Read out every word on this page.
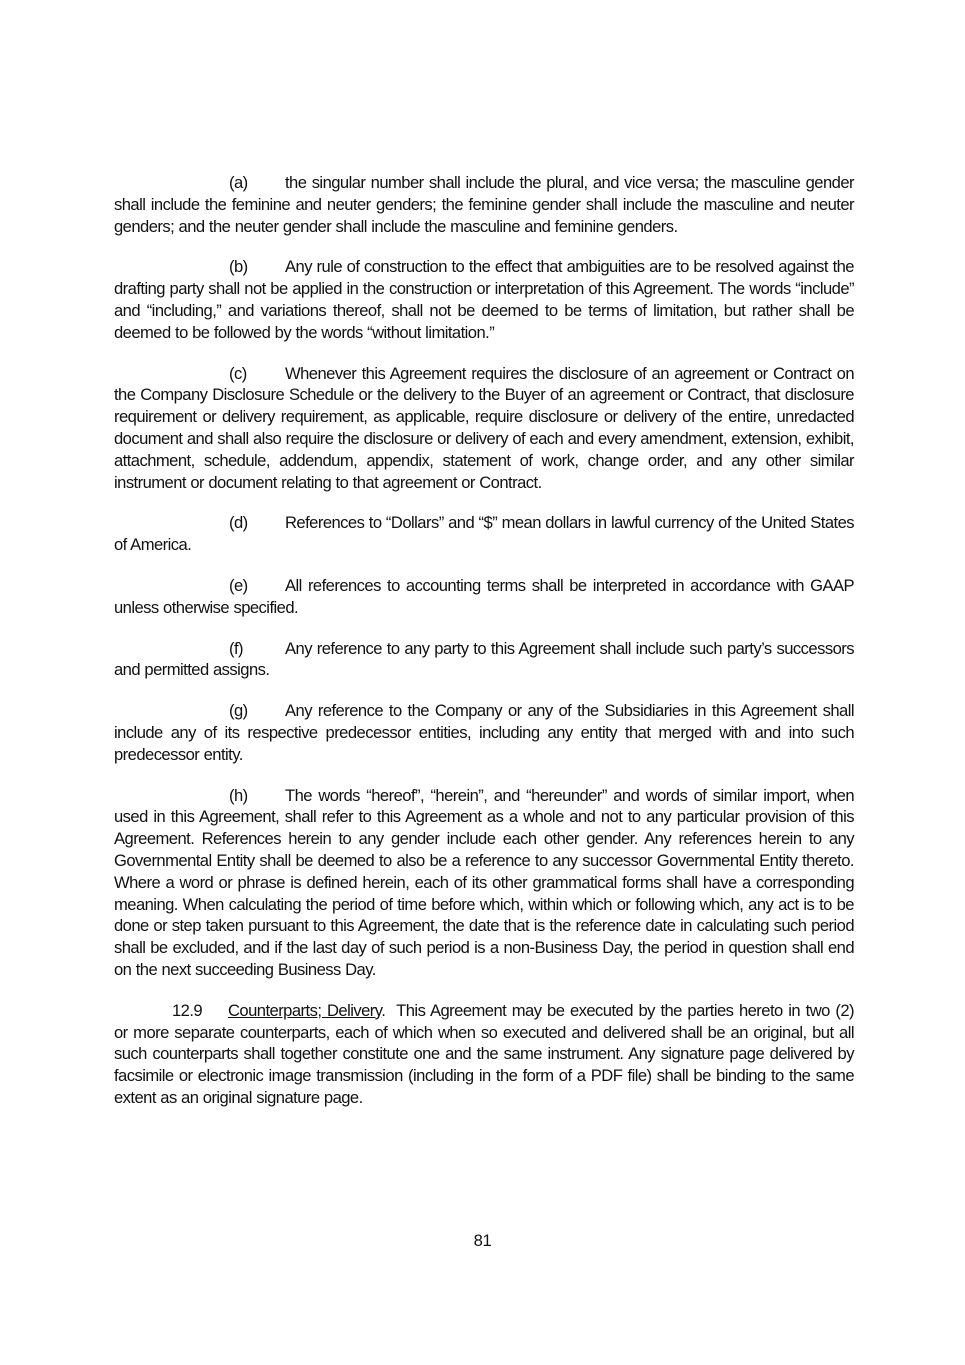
(a) the singular number shall include the plural, and vice versa; the masculine gender shall include the feminine and neuter genders; the feminine gender shall include the masculine and neuter genders; and the neuter gender shall include the masculine and feminine genders.

(b) Any rule of construction to the effect that ambiguities are to be resolved against the drafting party shall not be applied in the construction or interpretation of this Agreement. The words “include” and “including,” and variations thereof, shall not be deemed to be terms of limitation, but rather shall be deemed to be followed by the words “without limitation.”

(c) Whenever this Agreement requires the disclosure of an agreement or Contract on the Company Disclosure Schedule or the delivery to the Buyer of an agreement or Contract, that disclosure requirement or delivery requirement, as applicable, require disclosure or delivery of the entire, unredacted document and shall also require the disclosure or delivery of each and every amendment, extension, exhibit, attachment, schedule, addendum, appendix, statement of work, change order, and any other similar instrument or document relating to that agreement or Contract.

(d) References to “Dollars” and “$” mean dollars in lawful currency of the United States of America.

(e) All references to accounting terms shall be interpreted in accordance with GAAP unless otherwise specified.

(f)	Any reference to any party to this Agreement shall include such party’s successors and permitted assigns.

(g) Any reference to the Company or any of the Subsidiaries in this Agreement shall include any of its respective predecessor entities, including any entity that merged with and into such predecessor entity.

(h) The words “hereof”, “herein”, and “hereunder” and words of similar import, when used in this Agreement, shall refer to this Agreement as a whole and not to any particular provision of this Agreement. References herein to any gender include each other gender. Any references herein to any Governmental Entity shall be deemed to also be a reference to any successor Governmental Entity thereto. Where a word or phrase is defined herein, each of its other grammatical forms shall have a corresponding meaning. When calculating the period of time before which, within which or following which, any act is to be done or step taken pursuant to this Agreement, the date that is the reference date in calculating such period shall be excluded, and if the last day of such period is a non-Business Day, the period in question shall end on the next succeeding Business Day.

12.9 Counterparts; Delivery. This Agreement may be executed by the parties hereto in two (2) or more separate counterparts, each of which when so executed and delivered shall be an original, but all such counterparts shall together constitute one and the same instrument. Any signature page delivered by facsimile or electronic image transmission (including in the form of a PDF file) shall be binding to the same extent as an original signature page.

81
